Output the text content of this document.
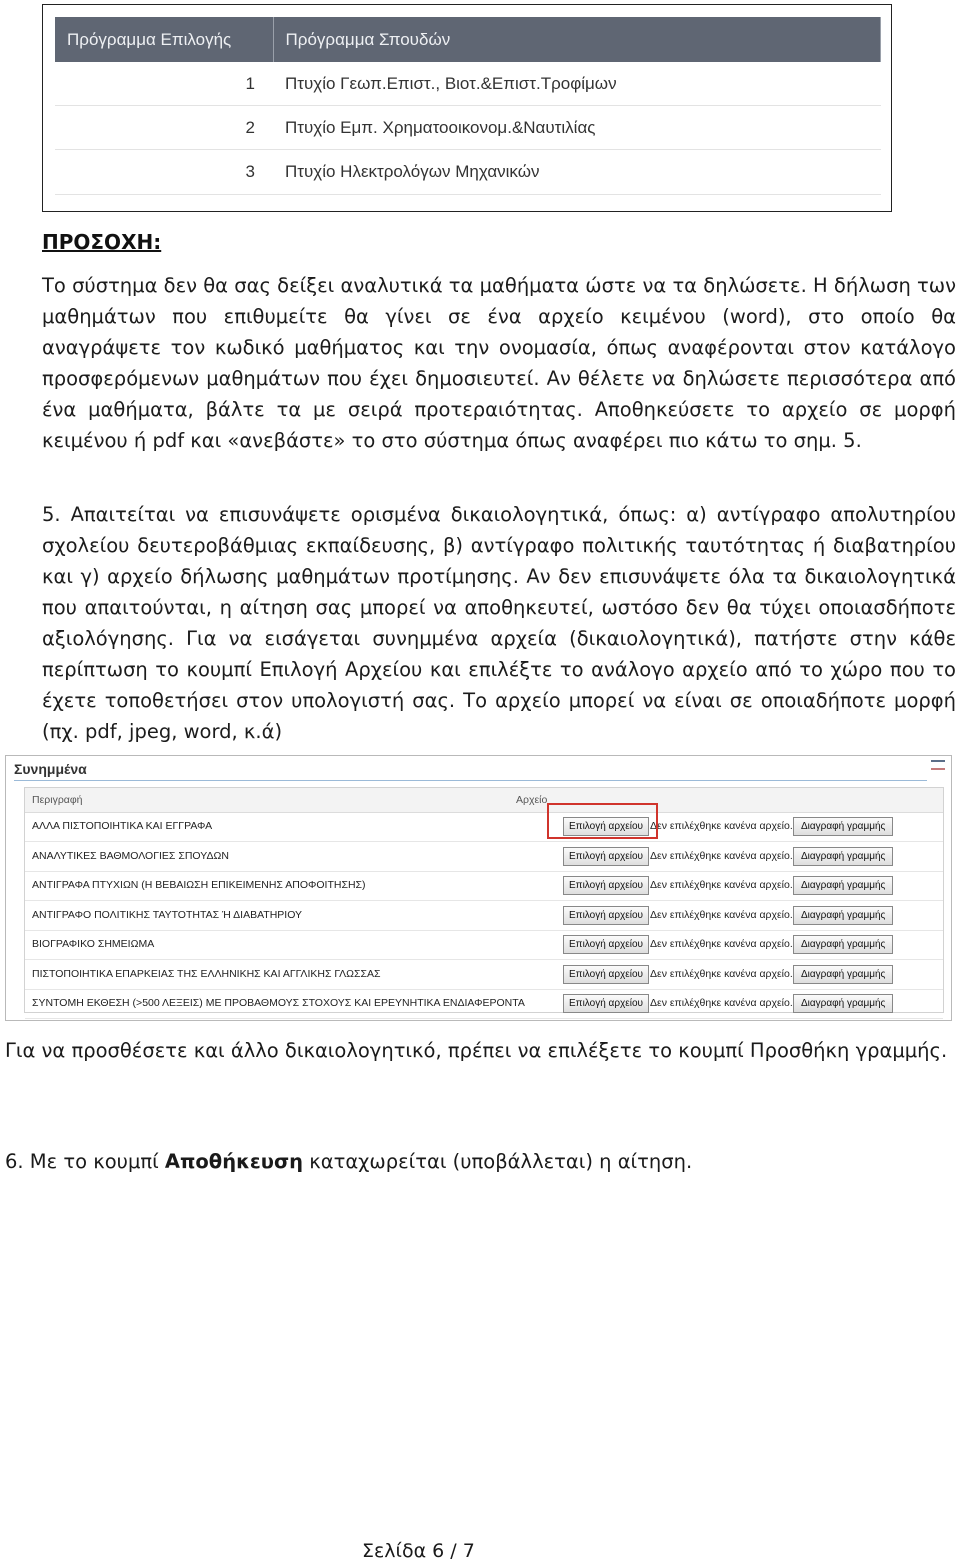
Πρόγραμμα Επιλογής	Πρόγραμμα Σπουδών
1	Πτυχίο Γεωπ.Επιστ., Βιοτ.&Επιστ.Τροφίμων
2	Πτυχίο Εμπ. Χρηματοοικονομ.&Ναυτιλίας
3	Πτυχίο Ηλεκτρολόγων Μηχανικών
ΠΡΟΣΟΧΗ:
Το σύστημα δεν θα σας δείξει αναλυτικά τα μαθήματα ώστε να τα δηλώσετε. Η δήλωση των μαθημάτων που επιθυμείτε θα γίνει σε ένα αρχείο κειμένου (word), στο οποίο θα αναγράψετε τον κωδικό μαθήματος και την ονομασία, όπως αναφέρονται στον κατάλογο προσφερόμενων μαθημάτων που έχει δημοσιευτεί. Αν θέλετε να δηλώσετε περισσότερα από ένα μαθήματα, βάλτε τα με σειρά προτεραιότητας. Αποθηκεύσετε το αρχείο σε μορφή κειμένου ή pdf και «ανεβάστε» το στο σύστημα όπως αναφέρει πιο κάτω το σημ. 5.
5. Απαιτείται να επισυνάψετε ορισμένα δικαιολογητικά, όπως: α) αντίγραφο απολυτηρίου σχολείου δευτεροβάθμιας εκπαίδευσης, β) αντίγραφο πολιτικής ταυτότητας ή διαβατηρίου και γ) αρχείο δήλωσης μαθημάτων προτίμησης. Αν δεν επισυνάψετε όλα τα δικαιολογητικά που απαιτούνται, η αίτηση σας μπορεί να αποθηκευτεί, ωστόσο δεν θα τύχει οποιασδήποτε αξιολόγησης. Για να εισάγεται συνημμένα αρχεία (δικαιολογητικά), πατήστε στην κάθε περίπτωση το κουμπί Επιλογή Αρχείου και επιλέξτε το ανάλογο αρχείο από το χώρο που το έχετε τοποθετήσει στον υπολογιστή σας. Το αρχείο μπορεί να είναι σε οποιαδήποτε μορφή (πχ. pdf, jpeg, word, κ.ά)
Συνημμένα
Περιγραφή	Αρχείο
ΑΛΛΑ ΠΙΣΤΟΠΟΙΗΤΙΚΑ ΚΑΙ ΕΓΓΡΑΦΑ	Επιλογή αρχείου Δεν επιλέχθηκε κανένα αρχείο. Διαγραφή γραμμής
ΑΝΑΛΥΤΙΚΕΣ ΒΑΘΜΟΛΟΓΙΕΣ ΣΠΟΥΔΩΝ	Επιλογή αρχείου Δεν επιλέχθηκε κανένα αρχείο. Διαγραφή γραμμής
ΑΝΤΙΓΡΑΦΑ ΠΤΥΧΙΩΝ (Η ΒΕΒΑΙΩΣΗ ΕΠΙΚΕΙΜΕΝΗΣ ΑΠΟΦΟΙΤΗΣΗΣ)	Επιλογή αρχείου Δεν επιλέχθηκε κανένα αρχείο. Διαγραφή γραμμής
ΑΝΤΙΓΡΑΦΟ ΠΟΛΙΤΙΚΗΣ ΤΑΥΤΟΤΗΤΑΣ Ή ΔΙΑΒΑΤΗΡΙΟΥ	Επιλογή αρχείου Δεν επιλέχθηκε κανένα αρχείο. Διαγραφή γραμμής
ΒΙΟΓΡΑΦΙΚΟ ΣΗΜΕΙΩΜΑ	Επιλογή αρχείου Δεν επιλέχθηκε κανένα αρχείο. Διαγραφή γραμμής
ΠΙΣΤΟΠΟΙΗΤΙΚΑ ΕΠΑΡΚΕΙΑΣ ΤΗΣ ΕΛΛΗΝΙΚΗΣ ΚΑΙ ΑΓΓΛΙΚΗΣ ΓΛΩΣΣΑΣ	Επιλογή αρχείου Δεν επιλέχθηκε κανένα αρχείο. Διαγραφή γραμμής
ΣΥΝΤΟΜΗ ΕΚΘΕΣΗ (>500 ΛΕΞΕΙΣ) ΜΕ ΠΡΟΒΑΘΜΟΥΣ ΣΤΟΧΟΥΣ ΚΑΙ ΕΡΕΥΝΗΤΙΚΑ ΕΝΔΙΑΦΕΡΟΝΤΑ	Επιλογή αρχείου Δεν επιλέχθηκε κανένα αρχείο. Διαγραφή γραμμής
Για να προσθέσετε και άλλο δικαιολογητικό, πρέπει να επιλέξετε το κουμπί Προσθήκη γραμμής.
6. Με το κουμπί Αποθήκευση καταχωρείται (υποβάλλεται) η αίτηση.
Σελίδα 6 / 7
